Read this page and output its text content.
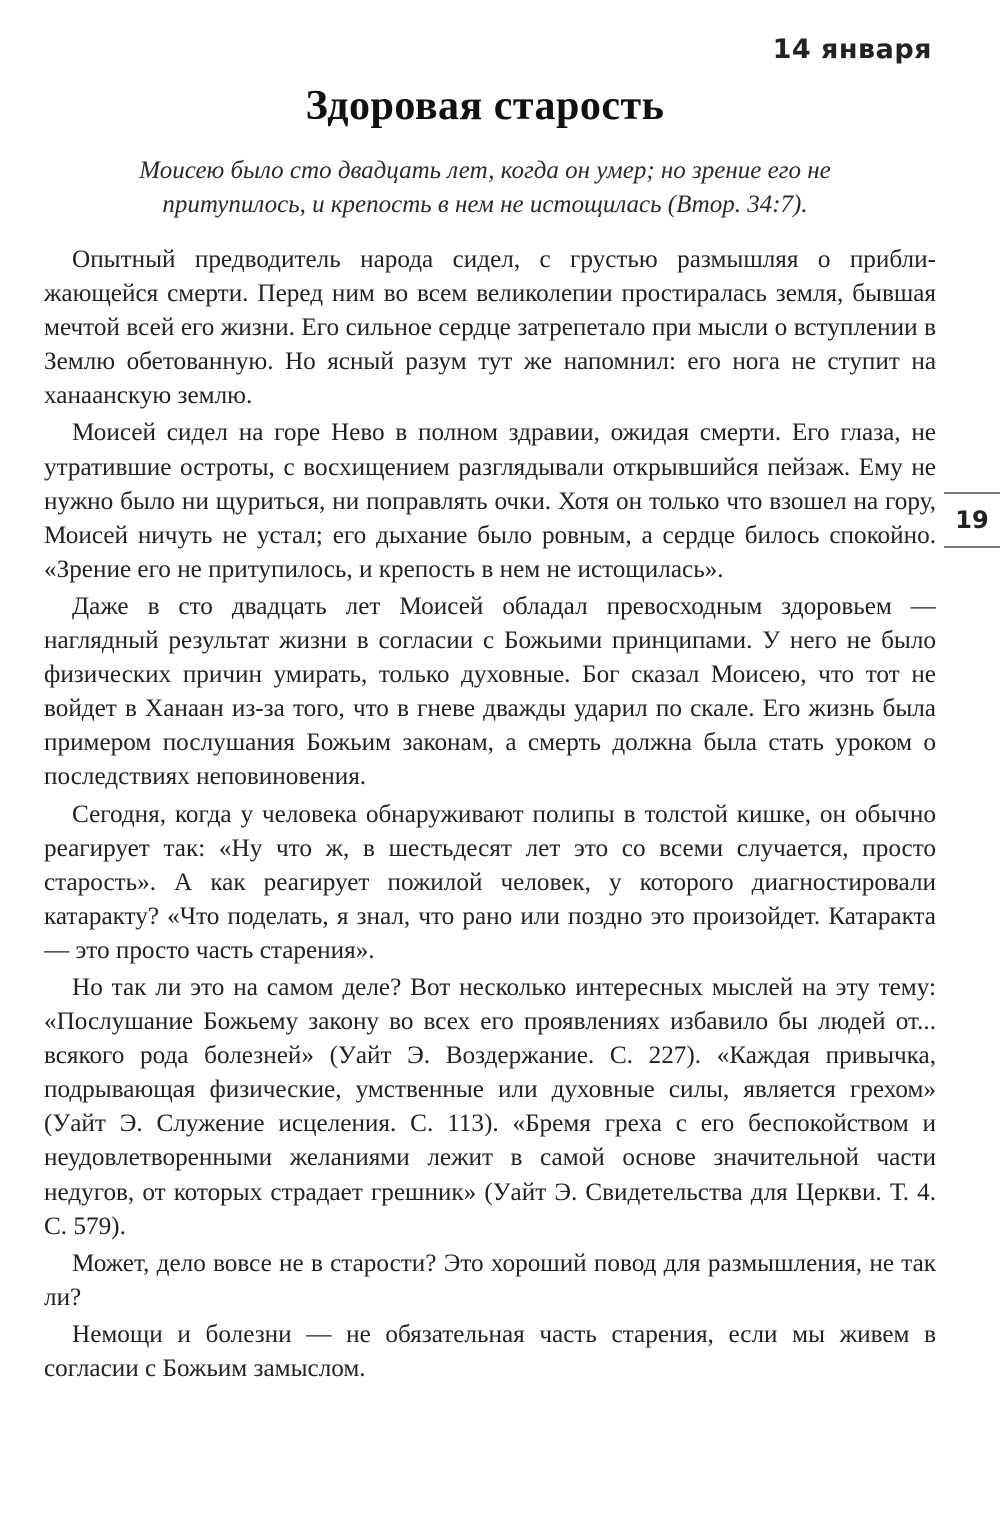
14 января
Здоровая старость
Моисею было сто двадцать лет, когда он умер; но зрение его не
притупилось, и крепость в нем не истощилась (Втор. 34:7).

Опытный предводитель народа сидел, с грустью размышляя о приближающейся смерти. Перед ним во всем великолепии простиралась земля, бывшая мечтой всей его жизни. Его сильное сердце затрепетало при мысли о вступлении в Землю обетованную. Но ясный разум тут же напомнил: его нога не ступит на ханаанскую землю.

Моисей сидел на горе Нево в полном здравии, ожидая смерти. Его глаза, не утратившие остроты, с восхищением разглядывали открывшийся пейзаж. Ему не нужно было ни щуриться, ни поправлять очки. Хотя он только что взошел на гору, Моисей ничуть не устал; его дыхание было ровным, а сердце билось спокойно. «Зрение его не притупилось, и крепость в нем не истощилась».

Даже в сто двадцать лет Моисей обладал превосходным здоровьем — наглядный результат жизни в согласии с Божьими принципами. У него не было физических причин умирать, только духовные. Бог сказал Моисею, что тот не войдет в Ханаан из-за того, что в гневе дважды ударил по скале. Его жизнь была примером послушания Божьим законам, а смерть должна была стать уроком о последствиях неповиновения.

Сегодня, когда у человека обнаруживают полипы в толстой кишке, он обычно реагирует так: «Ну что ж, в шестьдесят лет это со всеми случается, просто старость». А как реагирует пожилой человек, у которого диагностировали катаракту? «Что поделать, я знал, что рано или поздно это произойдет. Катаракта — это просто часть старения».

Но так ли это на самом деле? Вот несколько интересных мыслей на эту тему: «Послушание Божьему закону во всех его проявлениях избавило бы людей от... всякого рода болезней» (Уайт Э. Воздержание. С. 227). «Каждая привычка, подрывающая физические, умственные или духовные силы, является грехом» (Уайт Э. Служение исцеления. С. 113). «Бремя греха с его беспокойством и неудовлетворенными желаниями лежит в самой основе значительной части недугов, от которых страдает грешник» (Уайт Э. Свидетельства для Церкви. Т. 4. С. 579).

Может, дело вовсе не в старости? Это хороший повод для размышления, не так ли?

Немощи и болезни — не обязательная часть старения, если мы живем в согласии с Божьим замыслом.

19
